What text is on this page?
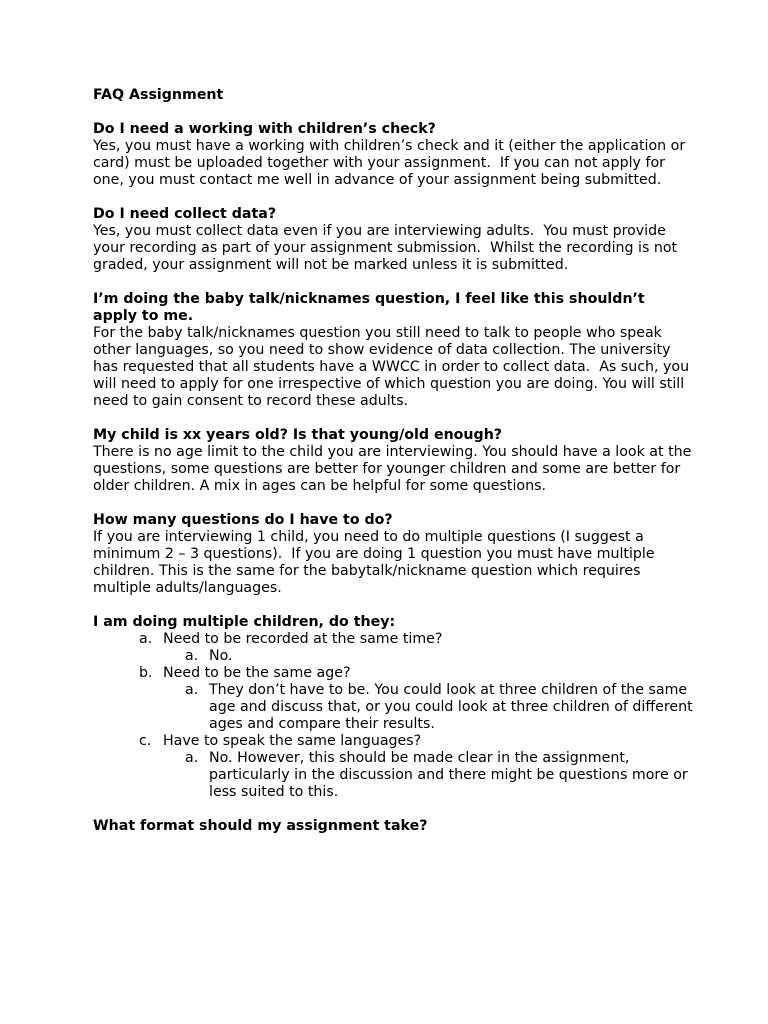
FAQ Assignment
Do I need a working with children’s check?
Yes, you must have a working with children’s check and it (either the application or card) must be uploaded together with your assignment.  If you can not apply for one, you must contact me well in advance of your assignment being submitted.
Do I need collect data?
Yes, you must collect data even if you are interviewing adults.  You must provide your recording as part of your assignment submission.  Whilst the recording is not graded, your assignment will not be marked unless it is submitted.
I’m doing the baby talk/nicknames question, I feel like this shouldn’t apply to me.
For the baby talk/nicknames question you still need to talk to people who speak other languages, so you need to show evidence of data collection. The university has requested that all students have a WWCC in order to collect data.  As such, you will need to apply for one irrespective of which question you are doing. You will still need to gain consent to record these adults.
My child is xx years old? Is that young/old enough?
There is no age limit to the child you are interviewing. You should have a look at the questions, some questions are better for younger children and some are better for older children. A mix in ages can be helpful for some questions.
How many questions do I have to do?
If you are interviewing 1 child, you need to do multiple questions (I suggest a minimum 2 – 3 questions).  If you are doing 1 question you must have multiple children. This is the same for the babytalk/nickname question which requires multiple adults/languages.
I am doing multiple children, do they:
a. Need to be recorded at the same time?
a. No.
b. Need to be the same age?
a. They don’t have to be. You could look at three children of the same age and discuss that, or you could look at three children of different ages and compare their results.
c. Have to speak the same languages?
a. No. However, this should be made clear in the assignment, particularly in the discussion and there might be questions more or less suited to this.
What format should my assignment take?
